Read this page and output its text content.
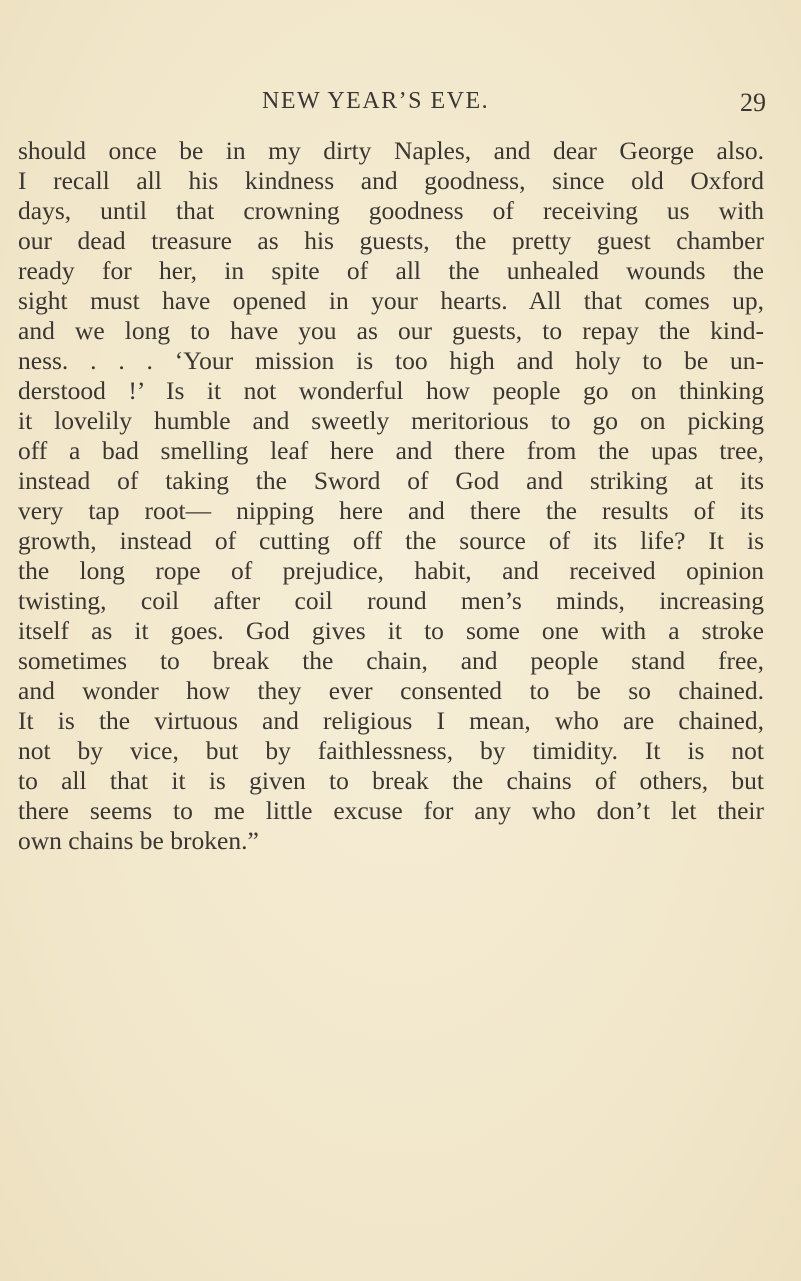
NEW YEAR’S EVE.	29
should once be in my dirty Naples, and dear George also.
I recall all his kindness and goodness, since old Oxford
days, until that crowning goodness of receiving us with
our dead treasure as his guests, the pretty guest chamber
ready for her, in spite of all the unhealed wounds the
sight must have opened in your hearts. All that comes up,
and we long to have you as our guests, to repay the kind-
ness. . . . ‘Your mission is too high and holy to be un-
derstood !’ Is it not wonderful how people go on thinking
it lovelily humble and sweetly meritorious to go on picking
off a bad smelling leaf here and there from the upas tree,
instead of taking the Sword of God and striking at its
very tap root— nipping here and there the results of its
growth, instead of cutting off the source of its life? It is
the long rope of prejudice, habit, and received opinion
twisting, coil after coil round men’s minds, increasing
itself as it goes. God gives it to some one with a stroke
sometimes to break the chain, and people stand free,
and wonder how they ever consented to be so chained.
It is the virtuous and religious I mean, who are chained,
not by vice, but by faithlessness, by timidity. It is not
to all that it is given to break the chains of others, but
there seems to me little excuse for any who don’t let their
own chains be broken.”
